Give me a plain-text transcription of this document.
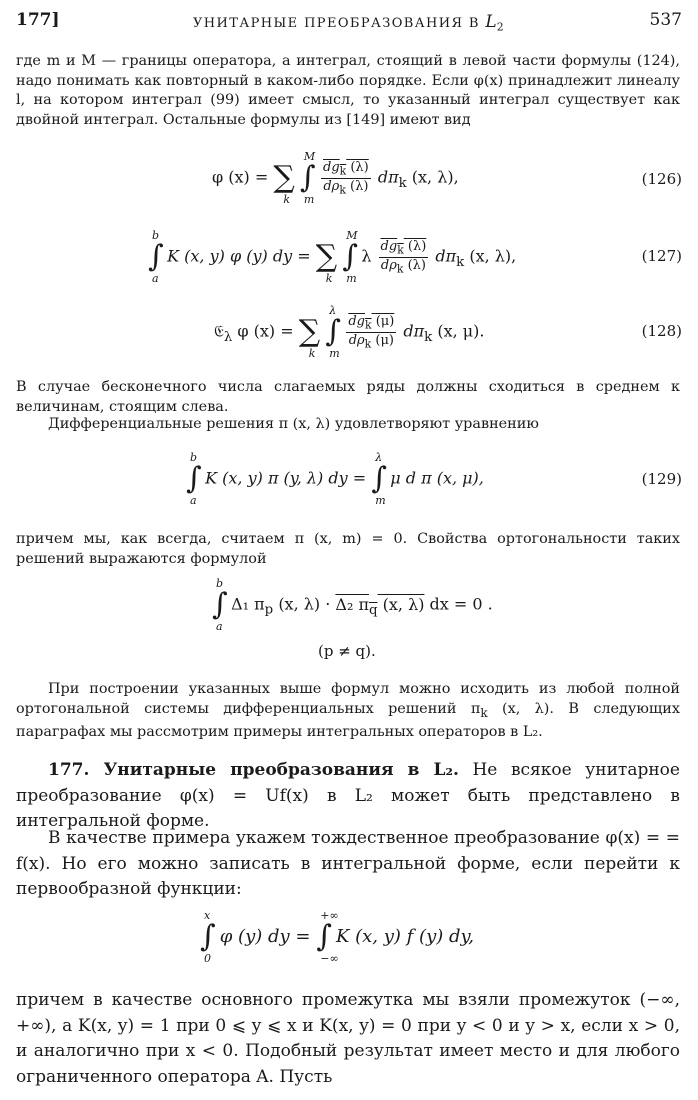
177]	УНИТАРНЫЕ ПРЕОБРАЗОВАНИЯ В $L_2$	537

где m и M — границы оператора, а интеграл, стоящий в левой части формулы (124), надо понимать как повторный в каком-либо порядке. Если φ(x) принадлежит линеалу l, на котором интеграл (99) имеет смысл, то указанный интеграл существует как двойной интеграл. Остальные формулы из [149] имеют вид

φ (x) = ∑
k
∫
M
m

$\frac{dg_k (\lambda)}{d\rho_k (\lambda)} d\pi_k$ (x, λ),	(126)
∫
b
a
K (x, y) φ (y) dy = ∑
k
∫
M
m
λ $\frac{dg_k (\lambda)}{d\rho_k (\lambda)} d\pi_k$ (x, λ),	(127)
𝔈$_\lambda$ φ (x) = ∑
k
∫
λ
m

$\frac{dg_k (\mu)}{d\rho_k (\mu)} d\pi_k$ (x, μ).	(128)

В случае бесконечного числа слагаемых ряды должны сходиться в среднем к величинам, стоящим слева.

Дифференциальные решения π (x, λ) удовлетворяют уравнению

∫
b
a
K (x, y) π (y, λ) dy = ∫
λ
m
μ d π (x, μ),	(129)

причем мы, как всегда, считаем π (x, m) = 0. Свойства ортогональности таких решений выражаются формулой

∫
b
a
Δ₁ $\pi_p$ (x, λ) · Δ₂ $\pi_q$ (x, λ) dx = 0 .
(p ≠ q).

При построении указанных выше формул можно исходить из любой полной ортогональной системы дифференциальных решений $\pi_k$ (x, λ). В следующих параграфах мы рассмотрим примеры интегральных операторов в L₂.

177. Унитарные преобразования в L₂. Не всякое унитарное преобразование φ(x) = Uf(x) в L₂ может быть представлено в интегральной форме.

В качестве примера укажем тождественное преобразование φ(x) = = f(x). Но его можно записать в интегральной форме, если перейти к первообразной функции:

∫
x
0
φ (y) dy = ∫
+∞
−∞
K (x, y) f (y) dy,

причем в качестве основного промежутка мы взяли промежуток (−∞, +∞), а K(x, y) = 1 при 0 ⩽ y ⩽ x и K(x, y) = 0 при y < 0 и y > x, если x > 0, и аналогично при x < 0. Подобный результат имеет место и для любого ограниченного оператора A. Пусть
